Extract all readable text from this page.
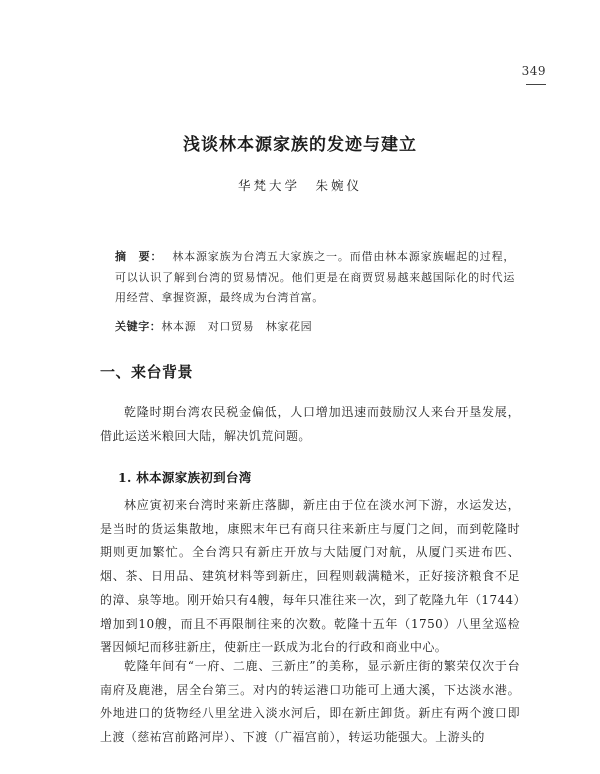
349
浅谈林本源家族的发迹与建立
华梵大学　朱婉仪
摘　要： 林本源家族为台湾五大家族之一。而借由林本源家族崛起的过程，可以认识了解到台湾的贸易情况。他们更是在商贾贸易越来越国际化的时代运用经营、拿握资源，最终成为台湾首富。
关键字：林本源　对口贸易　林家花园
一、来台背景
乾隆时期台湾农民税金偏低，人口增加迅速而鼓励汉人来台开垦发展，借此运送米粮回大陆，解决饥荒问题。
1. 林本源家族初到台湾
林应寅初来台湾时来新庄落脚，新庄由于位在淡水河下游，水运发达，是当时的货运集散地，康熙末年已有商只往来新庄与厦门之间，而到乾隆时期则更加繁忙。全台湾只有新庄开放与大陆厦门对航，从厦门买进布匹、烟、茶、日用品、建筑材料等到新庄，回程则载满糙米，正好接济粮食不足的漳、泉等地。刚开始只有4艘，每年只准往来一次，到了乾隆九年（1744）增加到10艘，而且不再限制往来的次数。乾隆十五年（1750）八里坌巡检署因倾圮而移驻新庄，使新庄一跃成为北台的行政和商业中心。
乾隆年间有“一府、二鹿、三新庄”的美称，显示新庄街的繁荣仅次于台南府及鹿港，居全台第三。对内的转运港口功能可上通大溪，下达淡水港。外地进口的货物经八里坌进入淡水河后，即在新庄卸货。新庄有两个渡口即上渡（慈祐宫前路河岸）、下渡（广福宫前），转运功能强大。上游头的
